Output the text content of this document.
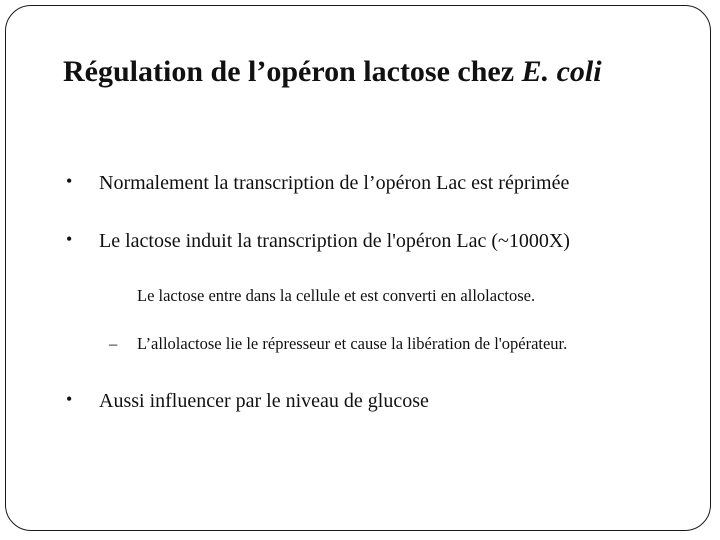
Régulation de l’opéron lactose chez E. coli
• Normalement la transcription de l’opéron Lac est réprimée
• Le lactose induit la transcription de l'opéron Lac (~1000X)
Le lactose entre dans la cellule et est converti en allolactose.
– L’allolactose lie le répresseur et cause la libération de l'opérateur.
• Aussi influencer par le niveau de glucose
